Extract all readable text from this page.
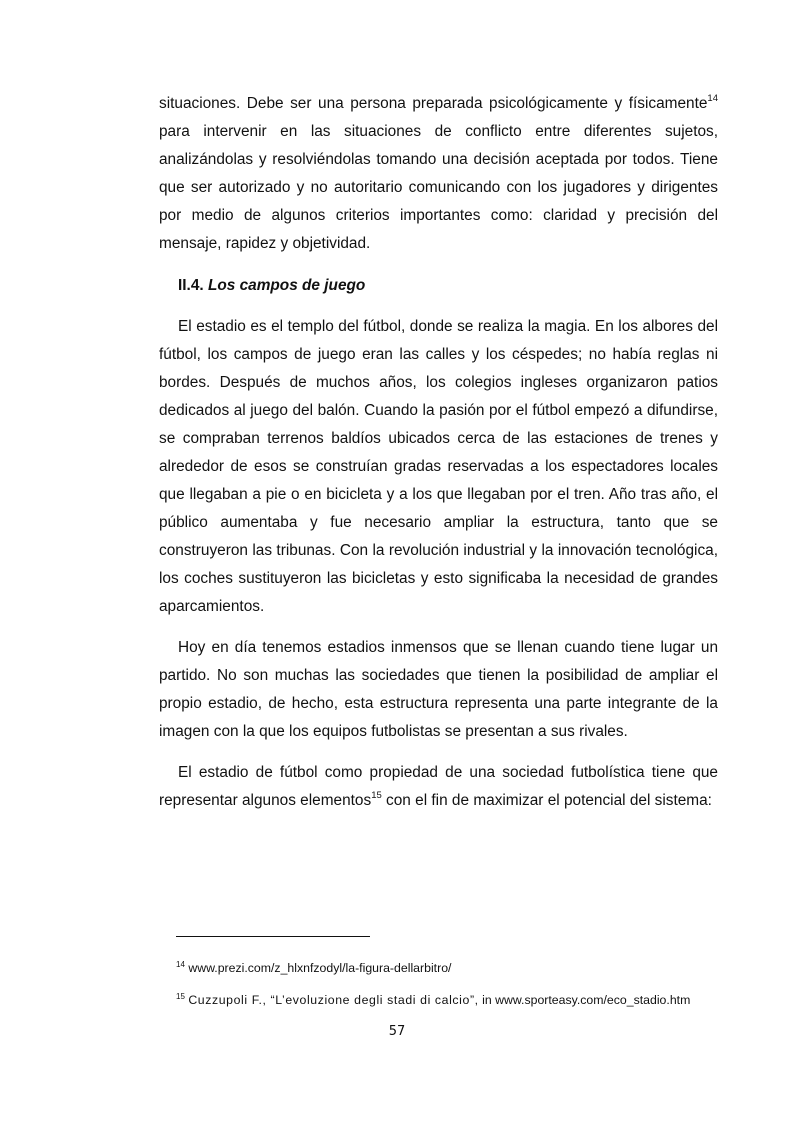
situaciones. Debe ser una persona preparada psicológicamente y físicamente$^{14}$ para intervenir en las situaciones de conflicto entre diferentes sujetos, analizándolas y resolviéndolas tomando una decisión aceptada por todos. Tiene que ser autorizado y no autoritario comunicando con los jugadores y dirigentes por medio de algunos criterios importantes como: claridad y precisión del mensaje, rapidez y objetividad.

II.4. Los campos de juego

El estadio es el templo del fútbol, donde se realiza la magia. En los albores del fútbol, los campos de juego eran las calles y los céspedes; no había reglas ni bordes. Después de muchos años, los colegios ingleses organizaron patios dedicados al juego del balón. Cuando la pasión por el fútbol empezó a difundirse, se compraban terrenos baldíos ubicados cerca de las estaciones de trenes y alrededor de esos se construían gradas reservadas a los espectadores locales que llegaban a pie o en bicicleta y a los que llegaban por el tren. Año tras año, el público aumentaba y fue necesario ampliar la estructura, tanto que se construyeron las tribunas. Con la revolución industrial y la innovación tecnológica, los coches sustituyeron las bicicletas y esto significaba la necesidad de grandes aparcamientos.

Hoy en día tenemos estadios inmensos que se llenan cuando tiene lugar un partido. No son muchas las sociedades que tienen la posibilidad de ampliar el propio estadio, de hecho, esta estructura representa una parte integrante de la imagen con la que los equipos futbolistas se presentan a sus rivales.

El estadio de fútbol como propiedad de una sociedad futbolística tiene que representar algunos elementos$^{15}$ con el fin de maximizar el potencial del sistema:

$^{14}$ www.prezi.com/z_hlxnfzodyl/la-figura-dellarbitro/
$^{15}$ Cuzzupoli F., “L’evoluzione degli stadi di calcio”, in www.sporteasy.com/eco_stadio.htm
57
